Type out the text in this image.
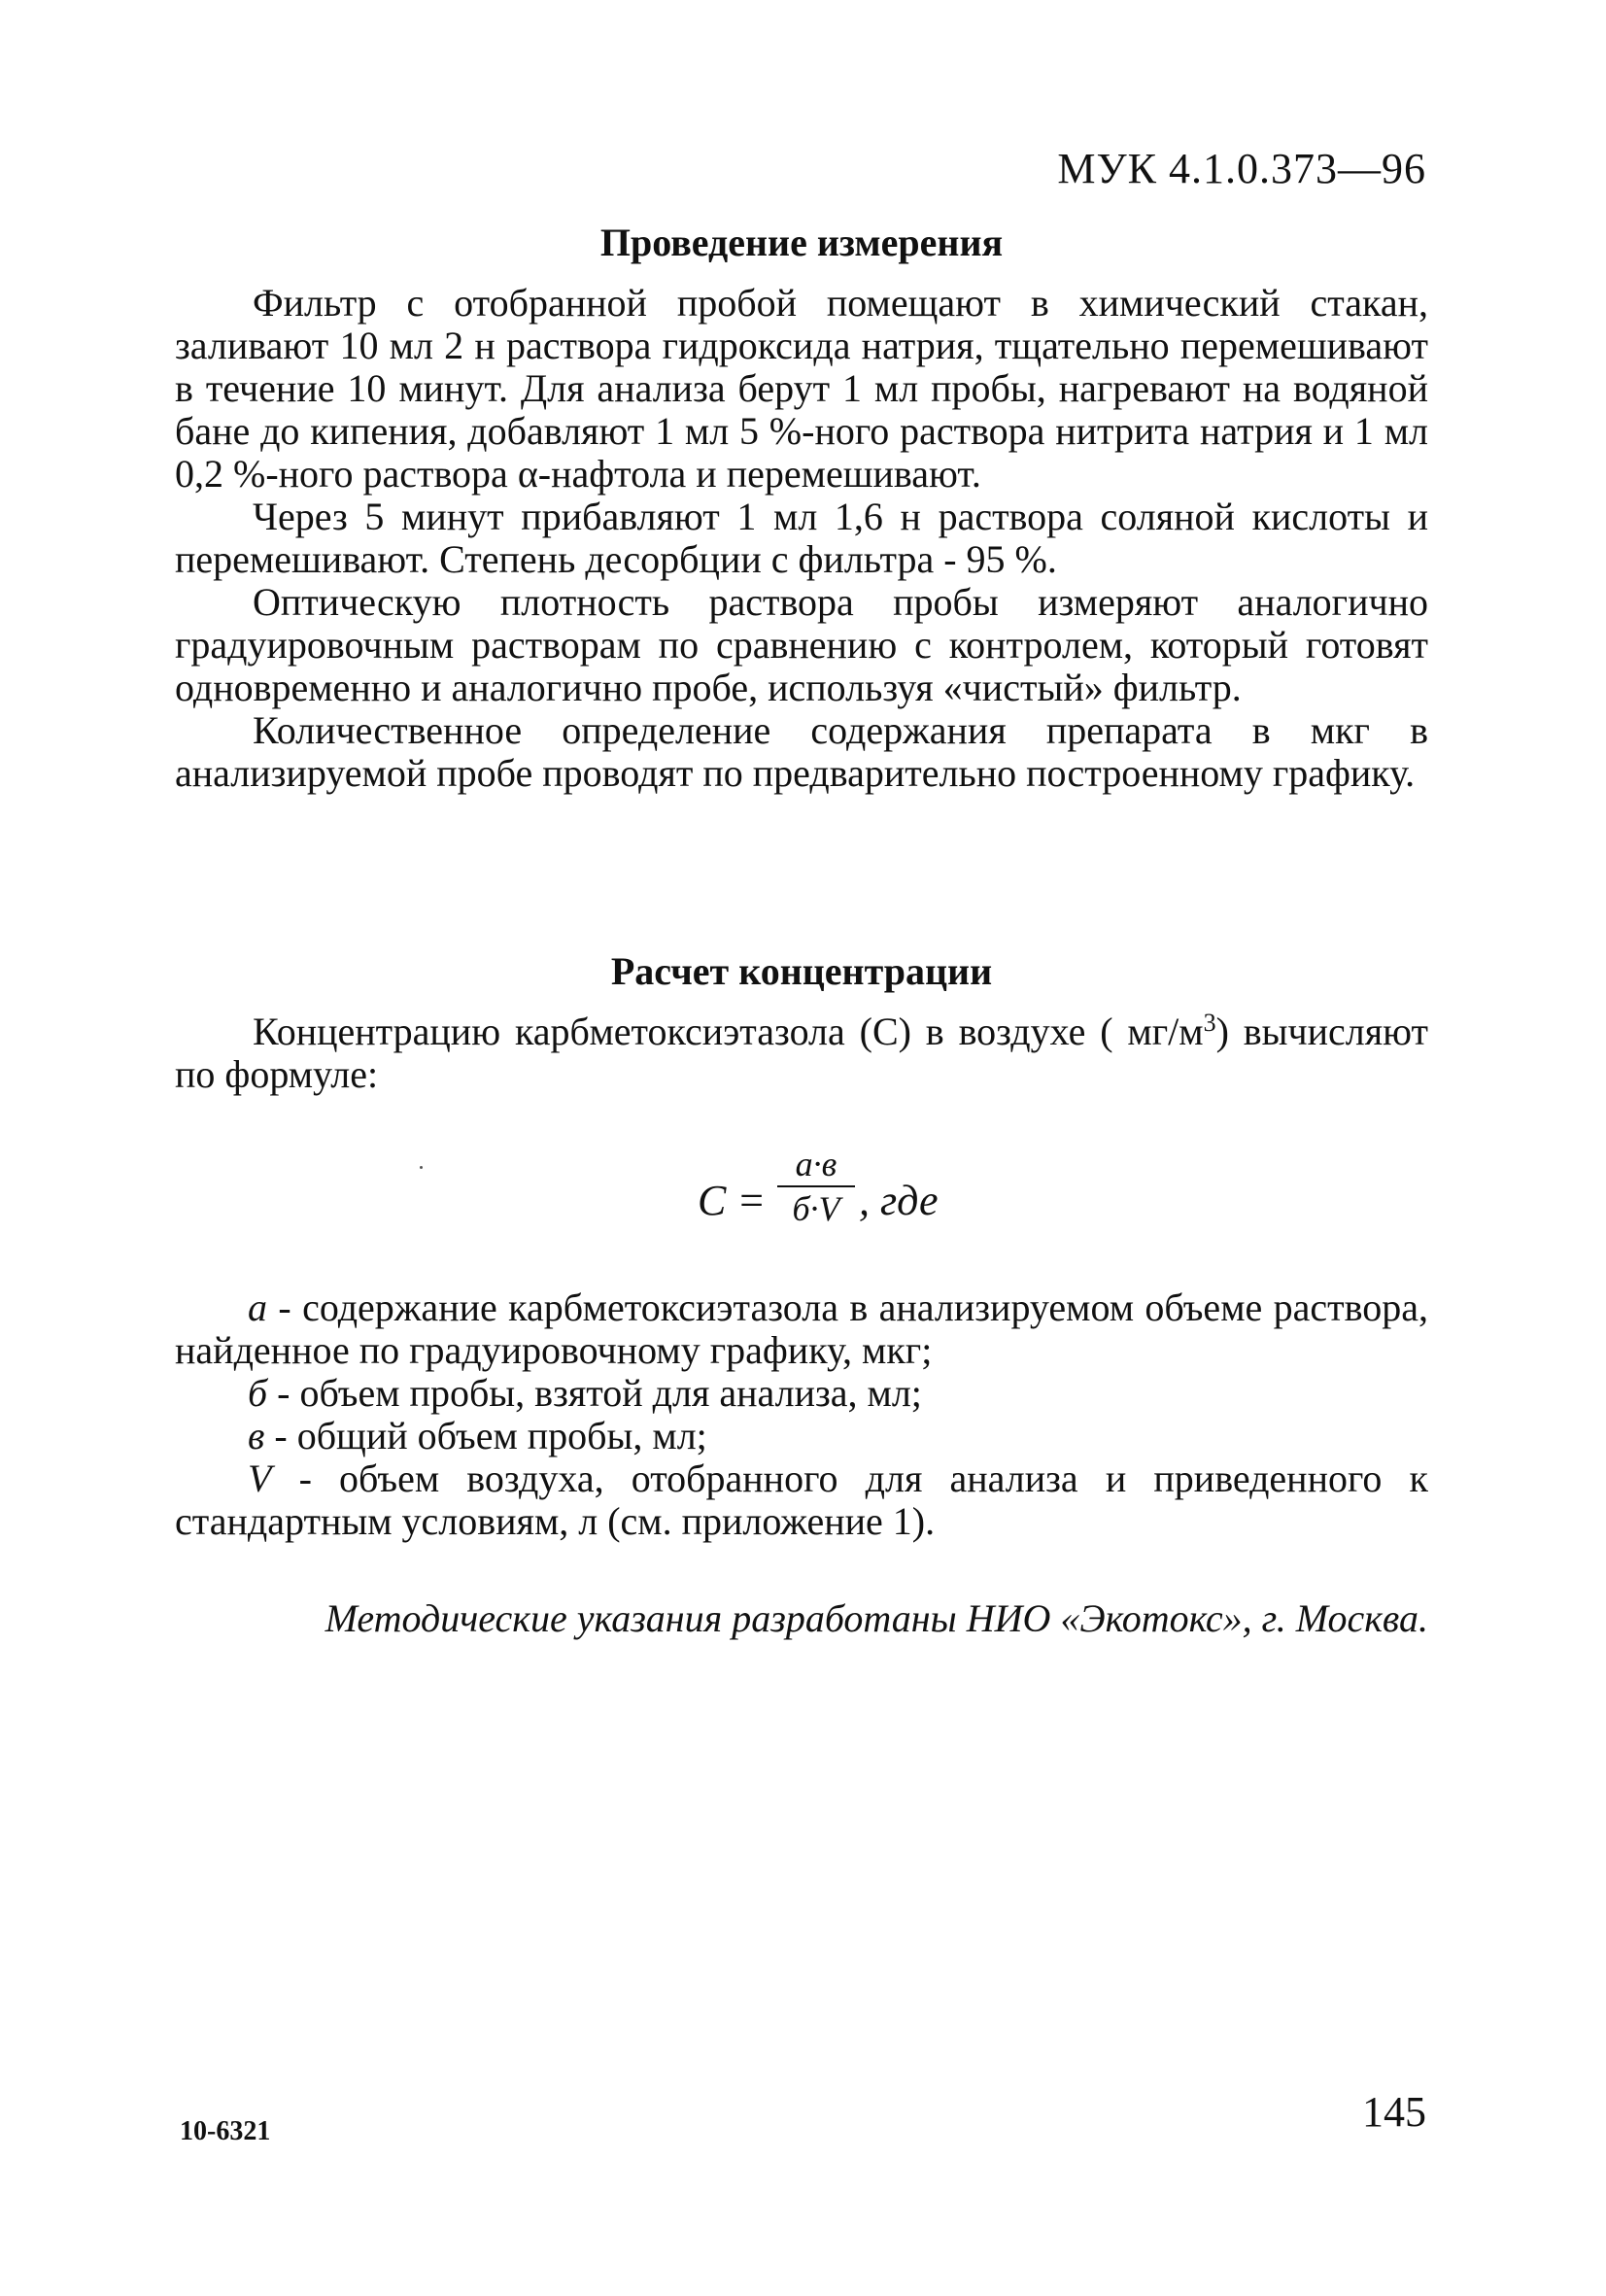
МУК 4.1.0.373—96
Проведение измерения

Фильтр с отобранной пробой помещают в химический стакан, заливают 10 мл 2 н раствора гидроксида натрия, тщательно перемешивают в течение 10 минут. Для анализа берут 1 мл пробы, нагревают на водяной бане до кипения, добавляют 1 мл 5 %-ного раствора нитрита натрия и 1 мл 0,2 %-ного раствора α-нафтола и перемешивают.

Через 5 минут прибавляют 1 мл 1,6 н раствора соляной кислоты и перемешивают. Степень десорбции с фильтра - 95 %.

Оптическую плотность раствора пробы измеряют аналогично градуировочным растворам по сравнению с контролем, который готовят одновременно и аналогично пробе, используя «чистый» фильтр.

Количественное определение содержания препарата в мкг в анализируемой пробе проводят по предварительно построенному графику.

Расчет концентрации

Концентрацию карбметоксиэтазола (С) в воздухе ( $мг/м^3$) вычисляют по формуле:

С =
а·в
б·V , где

а - содержание карбметоксиэтазола в анализируемом объеме раствора, найденное по градуировочному графику, мкг;

б - объем пробы, взятой для анализа, мл;

в - общий объем пробы, мл;

V - объем воздуха, отобранного для анализа и приведенного к стандартным условиям, л (см. приложение 1).

Методические указания разработаны НИО «Экотокс», г. Москва.
10-6321	145
